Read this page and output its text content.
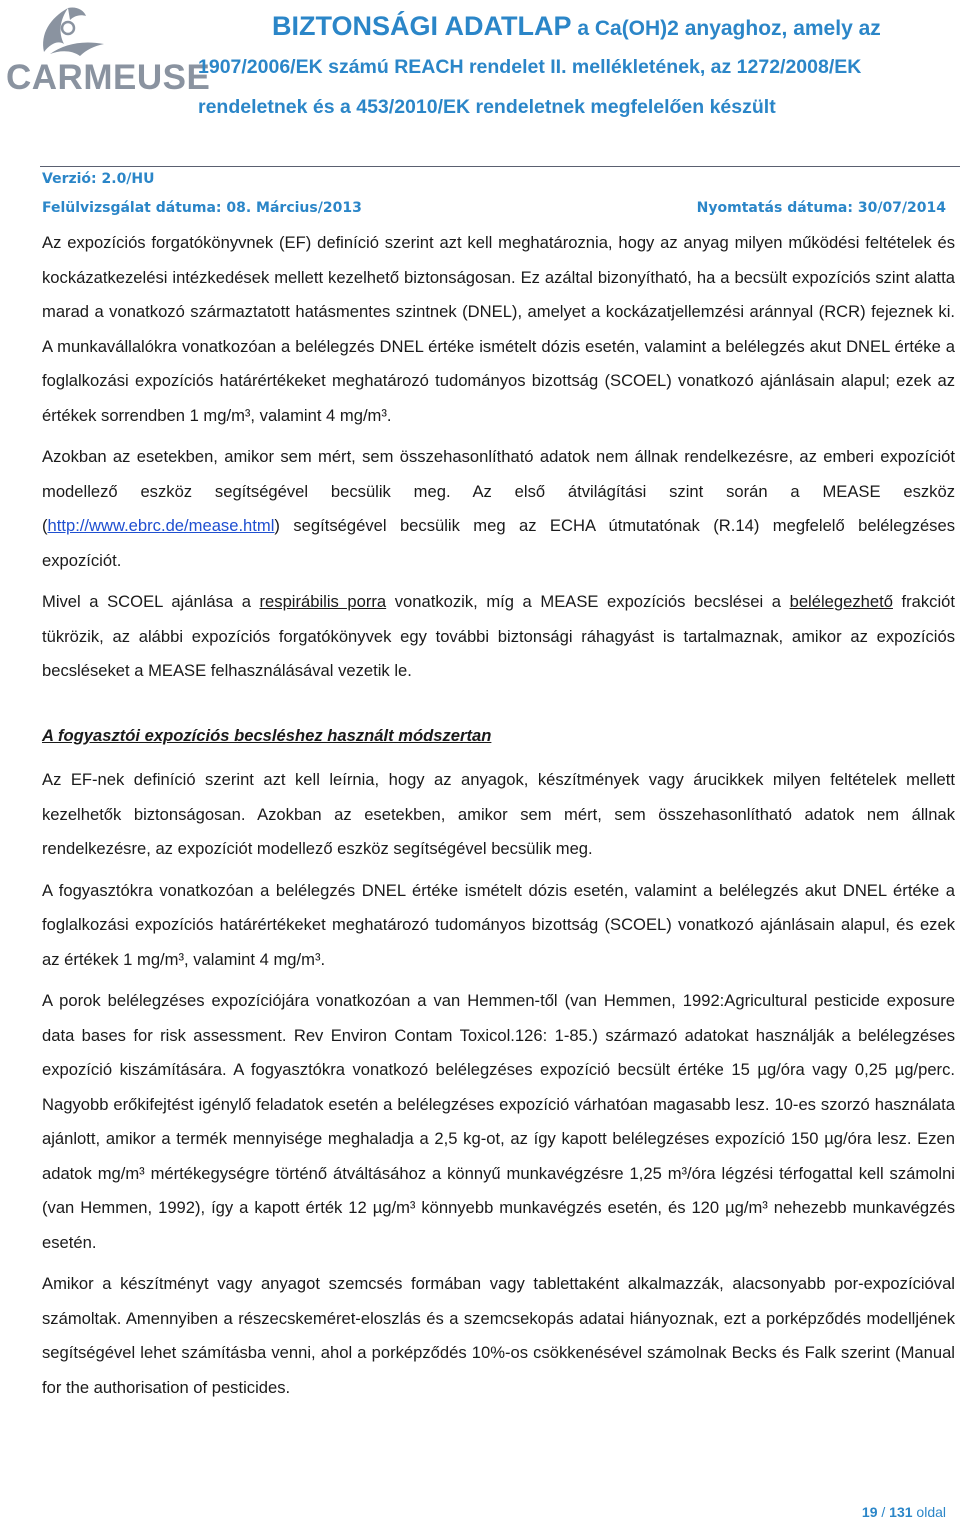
CARMEUSE
BIZTONSÁGI ADATLAP a Ca(OH)2 anyaghoz, amely az
1907/2006/EK számú REACH rendelet II. mellékletének, az 1272/2008/EK
rendeletnek és a 453/2010/EK rendeletnek megfelelően készült
Verzió: 2.0/HU
Felülvizsgálat dátuma: 08. Március/2013	Nyomtatás dátuma: 30/07/2014

Az expozíciós forgatókönyvnek (EF) definíció szerint azt kell meghatároznia, hogy az anyag milyen működési feltételek és kockázatkezelési intézkedések mellett kezelhető biztonságosan. Ez azáltal bizonyítható, ha a becsült expozíciós szint alatta marad a vonatkozó származtatott hatásmentes szintnek (DNEL), amelyet a kockázatjellemzési aránnyal (RCR) fejeznek ki. A munkavállalókra vonatkozóan a belélegzés DNEL értéke ismételt dózis esetén, valamint a belélegzés akut DNEL értéke a foglalkozási expozíciós határértékeket meghatározó tudományos bizottság (SCOEL) vonatkozó ajánlásain alapul; ezek az értékek sorrendben 1 mg/m³, valamint 4 mg/m³.

Azokban az esetekben, amikor sem mért, sem összehasonlítható adatok nem állnak rendelkezésre, az emberi expozíciót modellező eszköz segítségével becsülik meg. Az első átvilágítási szint során a MEASE eszköz (http://www.ebrc.de/mease.html) segítségével becsülik meg az ECHA útmutatónak (R.14) megfelelő belélegzéses expozíciót.

Mivel a SCOEL ajánlása a respirábilis porra vonatkozik, míg a MEASE expozíciós becslései a belélegezhető frakciót tükrözik, az alábbi expozíciós forgatókönyvek egy további biztonsági ráhagyást is tartalmaznak, amikor az expozíciós becsléseket a MEASE felhasználásával vezetik le.

A fogyasztói expozíciós becsléshez használt módszertan

Az EF-nek definíció szerint azt kell leírnia, hogy az anyagok, készítmények vagy árucikkek milyen feltételek mellett kezelhetők biztonságosan. Azokban az esetekben, amikor sem mért, sem összehasonlítható adatok nem állnak rendelkezésre, az expozíciót modellező eszköz segítségével becsülik meg.

A fogyasztókra vonatkozóan a belélegzés DNEL értéke ismételt dózis esetén, valamint a belélegzés akut DNEL értéke a foglalkozási expozíciós határértékeket meghatározó tudományos bizottság (SCOEL) vonatkozó ajánlásain alapul, és ezek az értékek 1 mg/m³, valamint 4 mg/m³.

A porok belélegzéses expozíciójára vonatkozóan a van Hemmen-től (van Hemmen, 1992:Agricultural pesticide exposure data bases for risk assessment. Rev Environ Contam Toxicol.126: 1-85.) származó adatokat használják a belélegzéses expozíció kiszámítására. A fogyasztókra vonatkozó belélegzéses expozíció becsült értéke 15 µg/óra vagy 0,25 µg/perc. Nagyobb erőkifejtést igénylő feladatok esetén a belélegzéses expozíció várhatóan magasabb lesz. 10-es szorzó használata ajánlott, amikor a termék mennyisége meghaladja a 2,5 kg-ot, az így kapott belélegzéses expozíció 150 µg/óra lesz. Ezen adatok mg/m³ mértékegységre történő átváltásához a könnyű munkavégzésre 1,25 m³/óra légzési térfogattal kell számolni (van Hemmen, 1992), így a kapott érték 12 µg/m³ könnyebb munkavégzés esetén, és 120 µg/m³ nehezebb munkavégzés esetén.

Amikor a készítményt vagy anyagot szemcsés formában vagy tablettaként alkalmazzák, alacsonyabb por-expozícióval számoltak. Amennyiben a részecskeméret-eloszlás és a szemcsekopás adatai hiányoznak, ezt a porképződés modelljének segítségével lehet számításba venni, ahol a porképződés 10%-os csökkenésével számolnak Becks és Falk szerint (Manual for the authorisation of pesticides.

19 / 131 oldal
